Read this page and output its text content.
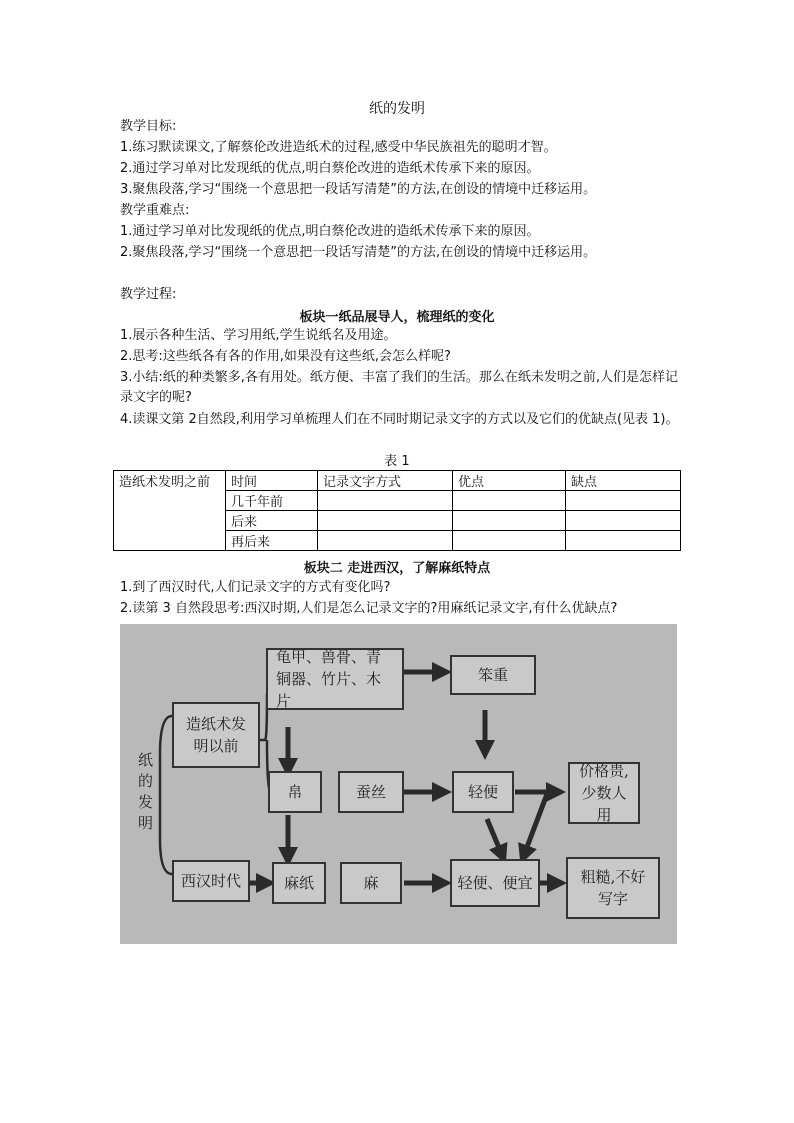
纸的发明
教学目标:
1.练习默读课文,了解蔡伦改进造纸术的过程,感受中华民族祖先的聪明才智。
2.通过学习单对比发现纸的优点,明白蔡伦改进的造纸术传承下来的原因。
3.聚焦段落,学习“围绕一个意思把一段话写清楚”的方法,在创设的情境中迁移运用。
教学重难点:
1.通过学习单对比发现纸的优点,明白蔡伦改进的造纸术传承下来的原因。
2.聚焦段落,学习“围绕一个意思把一段话写清楚”的方法,在创设的情境中迁移运用。
教学过程:
板块一纸品展导人，梳理纸的变化
1.展示各种生活、学习用纸,学生说纸名及用途。
2.思考:这些纸各有各的作用,如果没有这些纸,会怎么样呢?
3.小结:纸的种类繁多,各有用处。纸方便、丰富了我们的生活。那么在纸未发明之前,人们是怎样记录文字的呢?
4.读课文第 2自然段,利用学习单梳理人们在不同时期记录文字的方式以及它们的优缺点(见表 1)。
表 1
造纸术发明之前	时间	记录文字方式	优点	缺点
	几千年前			
	后来			
	再后来			
板块二 走进西汉，了解麻纸特点
1.到了西汉时代,人们记录文字的方式有变化吗?
2.读第 3 自然段思考:西汉时期,人们是怎么记录文字的?用麻纸记录文字,有什么优缺点?
纸的发明
造纸术发明以前
西汉时代
龟甲、兽骨、青铜器、竹片、木片
笨重
帛	蚕丝	轻便
价格贵,少数人用
麻纸	麻	轻便、便宜	粗糙,不好写字
